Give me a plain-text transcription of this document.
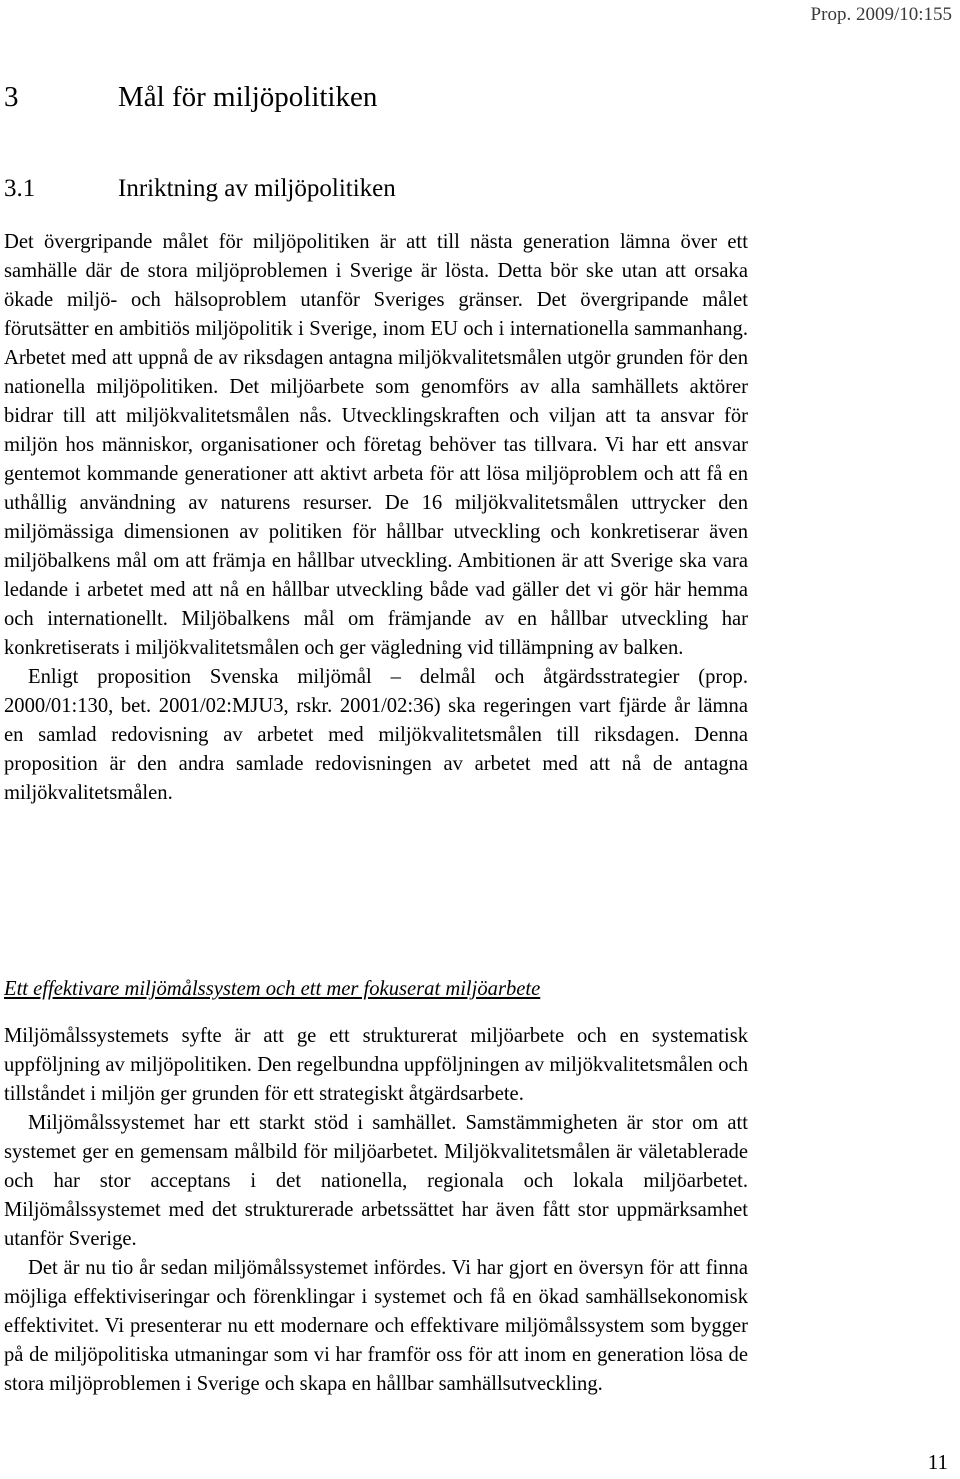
Prop. 2009/10:155
3	Mål för miljöpolitiken
3.1	Inriktning av miljöpolitiken

Det övergripande målet för miljöpolitiken är att till nästa generation lämna över ett samhälle där de stora miljöproblemen i Sverige är lösta. Detta bör ske utan att orsaka ökade miljö- och hälsoproblem utanför Sveriges gränser. Det övergripande målet förutsätter en ambitiös miljöpolitik i Sverige, inom EU och i internationella sammanhang. Arbetet med att uppnå de av riksdagen antagna miljökvalitetsmålen utgör grunden för den nationella miljöpolitiken. Det miljöarbete som genomförs av alla samhällets aktörer bidrar till att miljökvalitetsmålen nås. Utvecklingskraften och viljan att ta ansvar för miljön hos människor, organisationer och företag behöver tas tillvara. Vi har ett ansvar gentemot kommande generationer att aktivt arbeta för att lösa miljöproblem och att få en uthållig användning av naturens resurser. De 16 miljökvalitetsmålen uttrycker den miljömässiga dimensionen av politiken för hållbar utveckling och konkretiserar även miljöbalkens mål om att främja en hållbar utveckling. Ambitionen är att Sverige ska vara ledande i arbetet med att nå en hållbar utveckling både vad gäller det vi gör här hemma och internationellt. Miljöbalkens mål om främjande av en hållbar utveckling har konkretiserats i miljökvalitetsmålen och ger vägledning vid tillämpning av balken.

Enligt proposition Svenska miljömål – delmål och åtgärdsstrategier (prop. 2000/01:130, bet. 2001/02:MJU3, rskr. 2001/02:36) ska regeringen vart fjärde år lämna en samlad redovisning av arbetet med miljökvalitetsmålen till riksdagen. Denna proposition är den andra samlade redovisningen av arbetet med att nå de antagna miljökvalitetsmålen.

Ett effektivare miljömålssystem och ett mer fokuserat miljöarbete

Miljömålssystemets syfte är att ge ett strukturerat miljöarbete och en systematisk uppföljning av miljöpolitiken. Den regelbundna uppföljningen av miljökvalitetsmålen och tillståndet i miljön ger grunden för ett strategiskt åtgärdsarbete.

Miljömålssystemet har ett starkt stöd i samhället. Samstämmigheten är stor om att systemet ger en gemensam målbild för miljöarbetet. Miljökvalitetsmålen är väletablerade och har stor acceptans i det nationella, regionala och lokala miljöarbetet. Miljömålssystemet med det strukturerade arbetssättet har även fått stor uppmärksamhet utanför Sverige.

Det är nu tio år sedan miljömålssystemet infördes. Vi har gjort en översyn för att finna möjliga effektiviseringar och förenklingar i systemet och få en ökad samhällsekonomisk effektivitet. Vi presenterar nu ett modernare och effektivare miljömålssystem som bygger på de miljöpolitiska utmaningar som vi har framför oss för att inom en generation lösa de stora miljöproblemen i Sverige och skapa en hållbar samhällsutveckling.

11
